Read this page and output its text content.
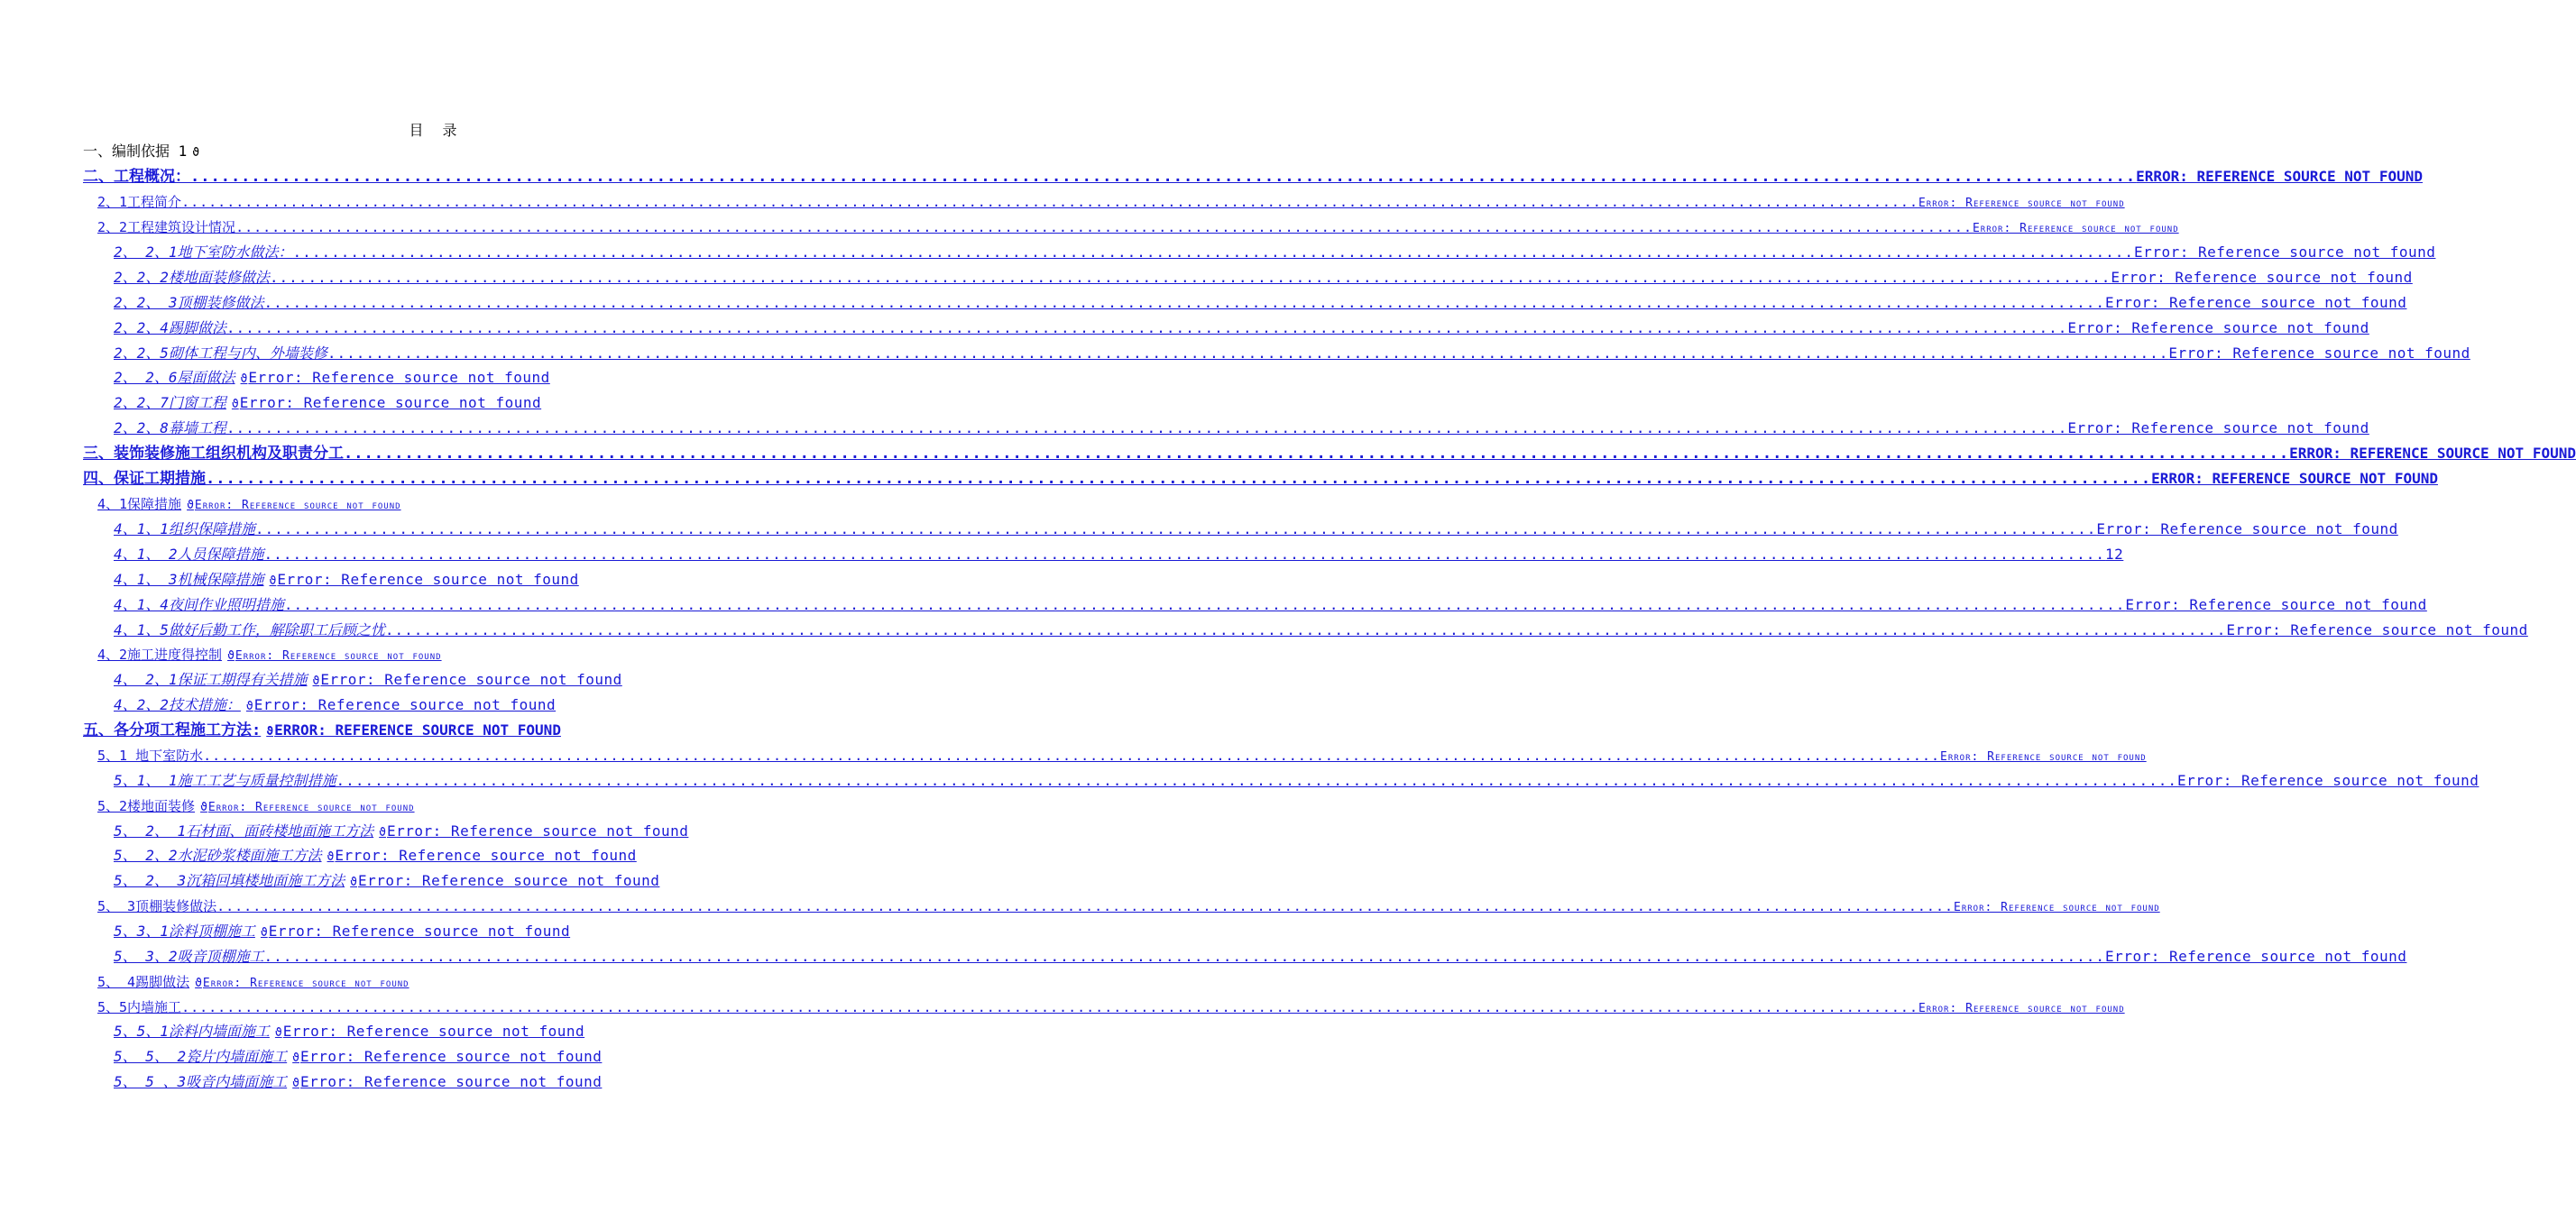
目 录
一、编制依据 1 ϑ
二、工程概况： ................................................................................................................................................................................................ ERROR: REFERENCE SOURCE NOT FOUND
2、1工程简介 ................................................................................................................................................................................................ Error: Reference source not found
2、2工程建筑设计情况 ................................................................................................................................................................................................ Error: Reference source not found
2、 2、1地下室防水做法： ................................................................................................................................................................................................ Error: Reference source not found
2、2、2楼地面装修做法 ................................................................................................................................................................................................ Error: Reference source not found
2、2、 3顶棚装修做法 ................................................................................................................................................................................................ Error: Reference source not found
2、2、4踢脚做法 ................................................................................................................................................................................................ Error: Reference source not found
2、2、5砌体工程与内、外墙装修 ................................................................................................................................................................................................ Error: Reference source not found
2、 2、6屋面做法 ϑ Error: Reference source not found
2、2、7门窗工程 ϑ Error: Reference source not found
2、2、8幕墙工程 ................................................................................................................................................................................................ Error: Reference source not found
三、装饰装修施工组织机构及职责分工 ................................................................................................................................................................................................ ERROR: REFERENCE SOURCE NOT FOUND
四、保证工期措施 ................................................................................................................................................................................................ ERROR: REFERENCE SOURCE NOT FOUND
4、1保障措施 ϑ Error: Reference source not found
4、1、1组织保障措施 ................................................................................................................................................................................................ Error: Reference source not found
4、1、 2人员保障措施 ................................................................................................................................................................................................ 12
4、1、 3机械保障措施 ϑ Error: Reference source not found
4、1、4夜间作业照明措施 ................................................................................................................................................................................................ Error: Reference source not found
4、1、5做好后勤工作，解除职工后顾之忧 ................................................................................................................................................................................................ Error: Reference source not found
4、2施工进度得控制 ϑ Error: Reference source not found
4、 2、1保证工期得有关措施 ϑ Error: Reference source not found
4、2、2技术措施： ϑ Error: Reference source not found
五、各分项工程施工方法: ϑ ERROR: REFERENCE SOURCE NOT FOUND
5、1 地下室防水 ................................................................................................................................................................................................ Error: Reference source not found
5、1、 1施工工艺与质量控制措施 ................................................................................................................................................................................................ Error: Reference source not found
5、2楼地面装修 ϑ Error: Reference source not found
5、 2、 1石材面、面砖楼地面施工方法 ϑ Error: Reference source not found
5、 2、2水泥砂浆楼面施工方法 ϑ Error: Reference source not found
5、 2、 3沉箱回填楼地面施工方法 ϑ Error: Reference source not found
5、 3顶棚装修做法 ................................................................................................................................................................................................ Error: Reference source not found
5、3、1涂料顶棚施工 ϑ Error: Reference source not found
5、 3、2吸音顶棚施工 ................................................................................................................................................................................................ Error: Reference source not found
5、 4踢脚做法 ϑ Error: Reference source not found
5、5内墙施工 ................................................................................................................................................................................................ Error: Reference source not found
5、5、1涂料内墙面施工 ϑ Error: Reference source not found
5、 5、 2瓷片内墙面施工 ϑ Error: Reference source not found
5、 5 、3吸音内墙面施工 ϑ Error: Reference source not found
